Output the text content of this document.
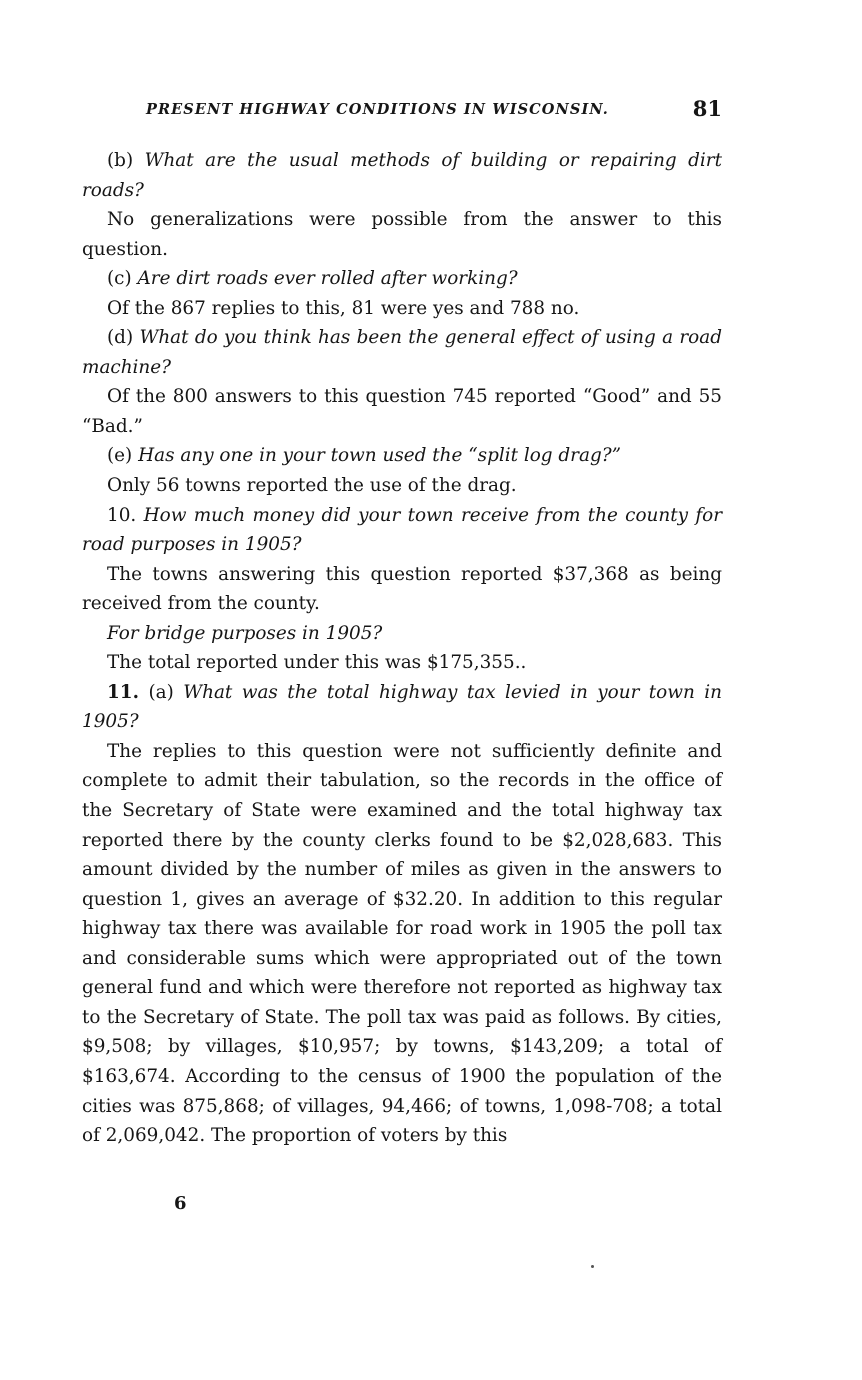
PRESENT HIGHWAY CONDITIONS IN WISCONSIN.	81

(b) What are the usual methods of building or repairing dirt roads?

No generalizations were possible from the answer to this question.

(c) Are dirt roads ever rolled after working?

Of the 867 replies to this, 81 were yes and 788 no.

(d) What do you think has been the general effect of using a road machine?

Of the 800 answers to this question 745 reported “Good” and 55 “Bad.”

(e) Has any one in your town used the “split log drag?”

Only 56 towns reported the use of the drag.

10. How much money did your town receive from the county for road purposes in 1905?

The towns answering this question reported $37,368 as being received from the county.

For bridge purposes in 1905?

The total reported under this was $175,355..

11. (a) What was the total highway tax levied in your town in 1905?

The replies to this question were not sufficiently definite and complete to admit their tabulation, so the records in the office of the Secretary of State were examined and the total highway tax reported there by the county clerks found to be $2,028,683. This amount divided by the number of miles as given in the answers to question 1, gives an average of $32.20. In addition to this regular highway tax there was available for road work in 1905 the poll tax and considerable sums which were appropriated out of the town general fund and which were therefore not reported as highway tax to the Secretary of State. The poll tax was paid as follows. By cities, $9,508; by villages, $10,957; by towns, $143,209; a total of $163,674. According to the census of 1900 the population of the cities was 875,868; of villages, 94,466; of towns, 1,098-708; a total of 2,069,042. The proportion of voters by this

6
